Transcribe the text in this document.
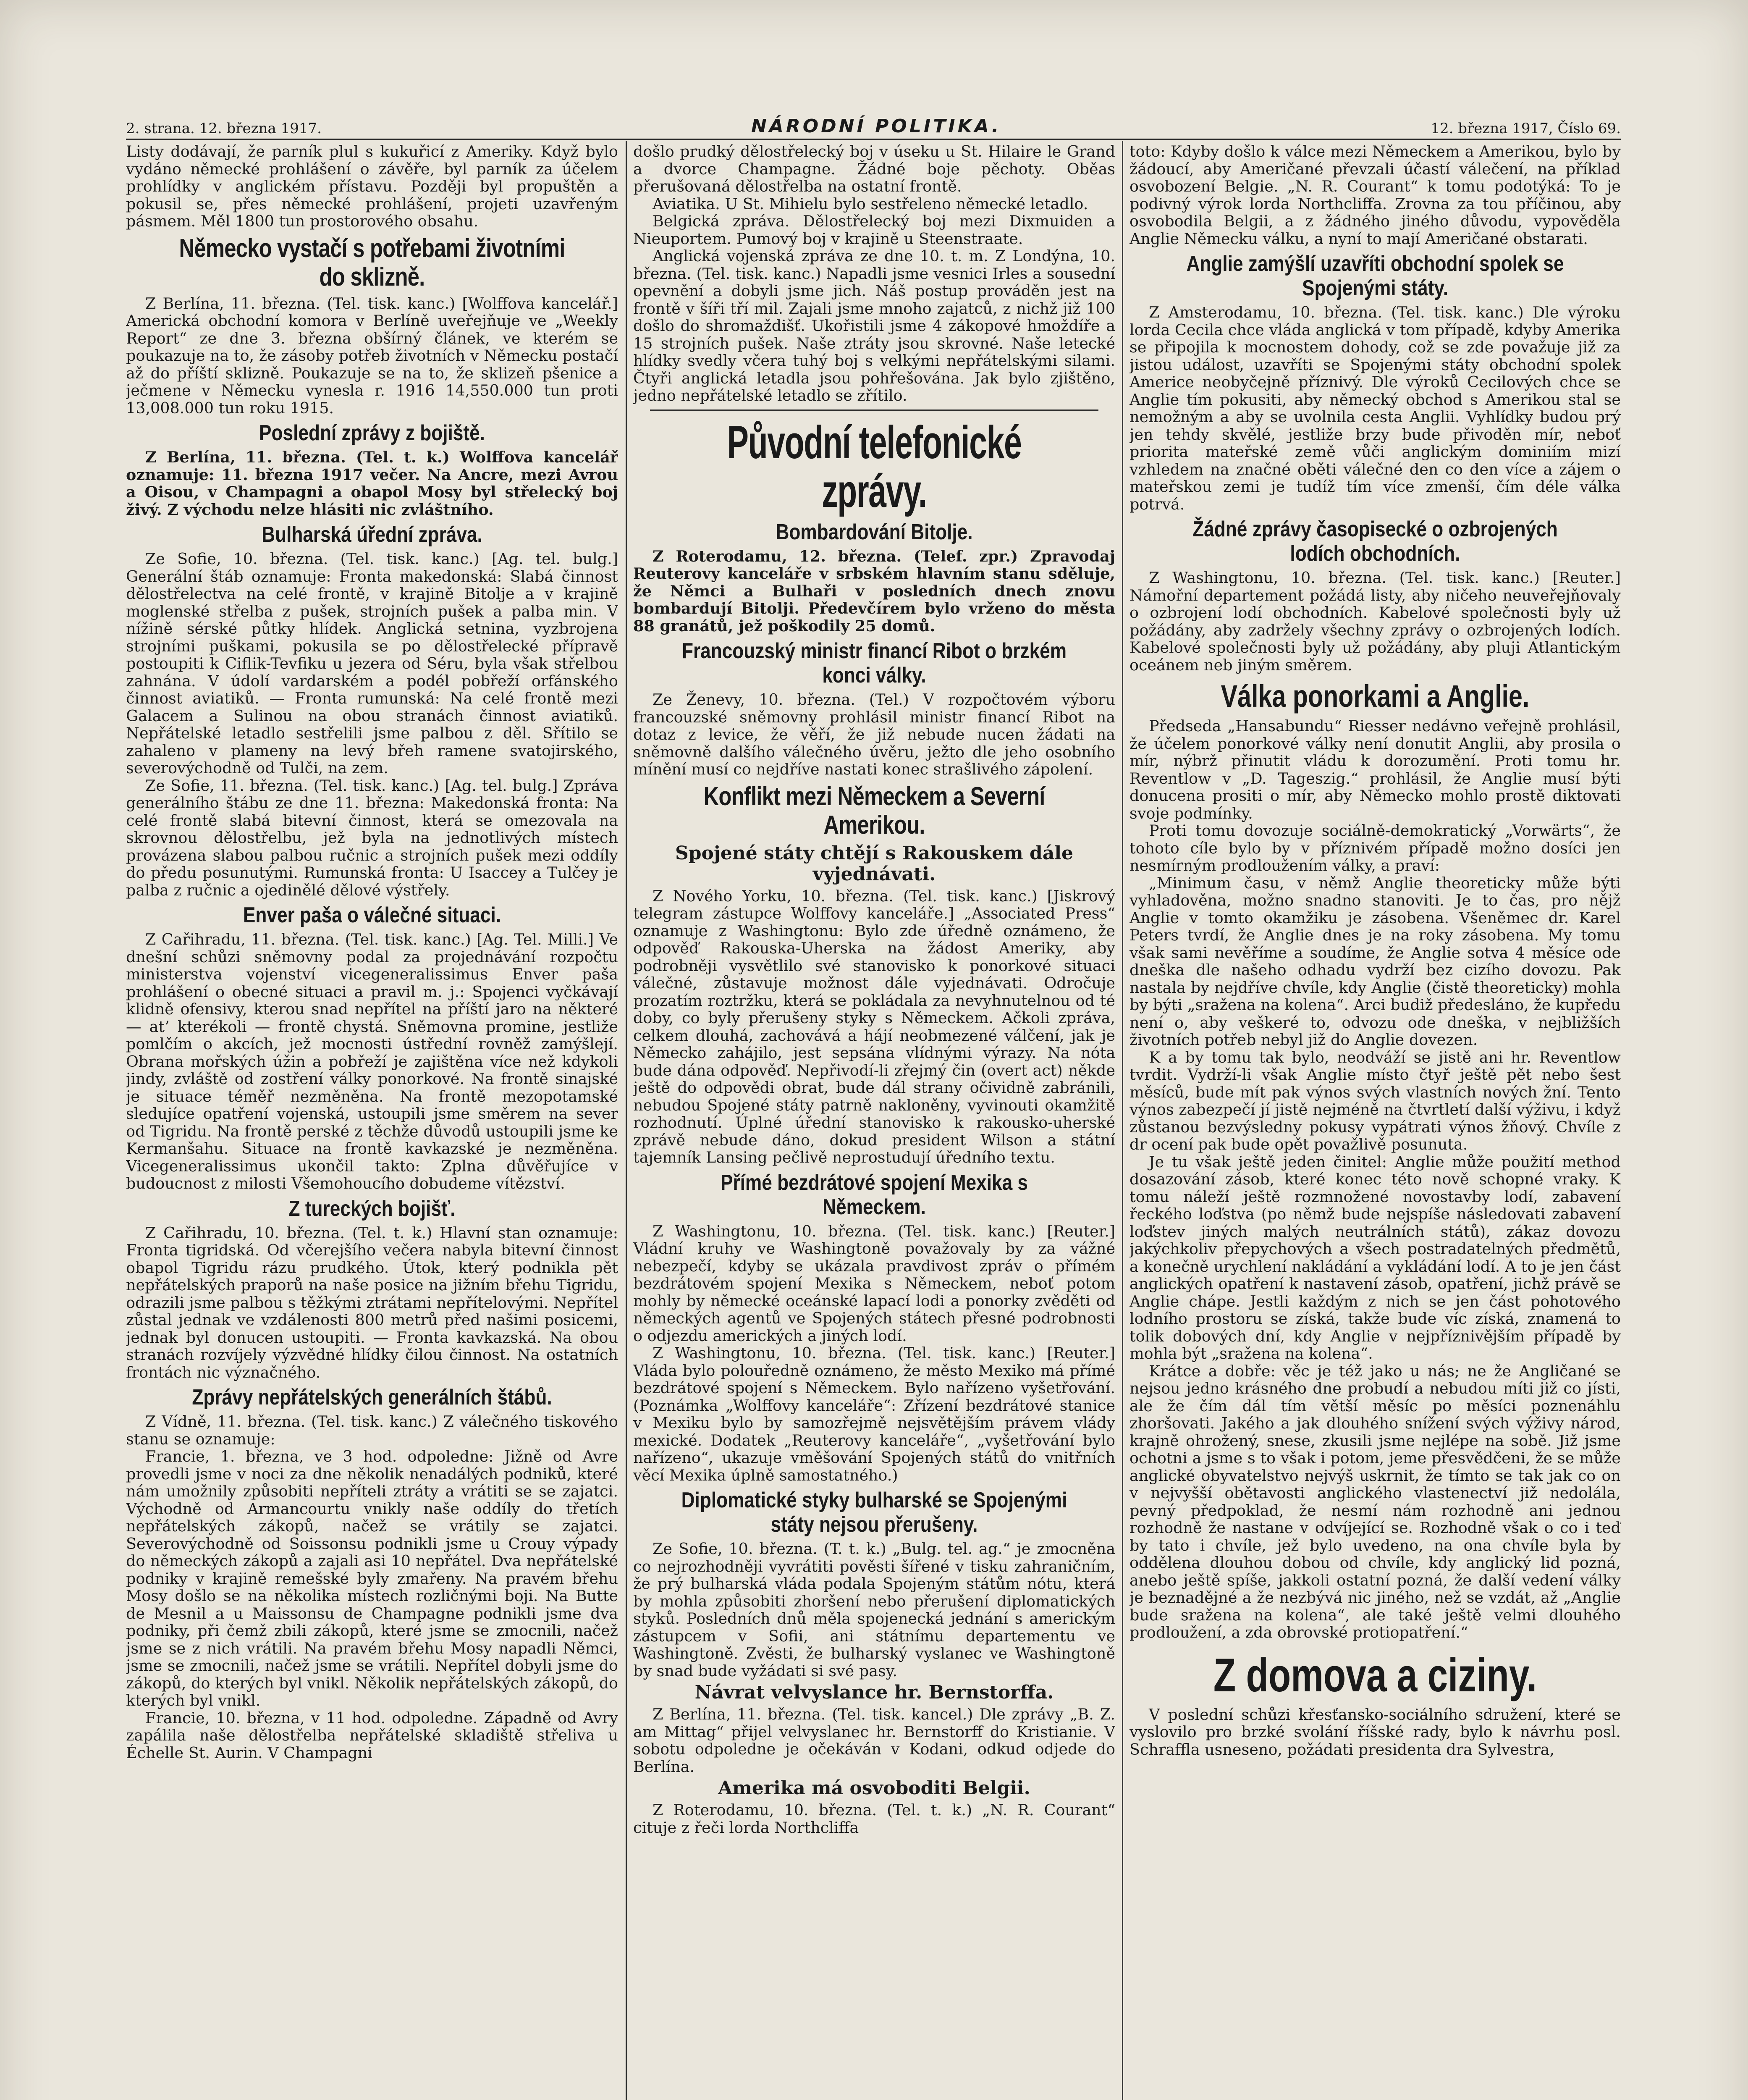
2. strana. 12. března 1917.	NÁRODNÍ POLITIKA.	12. března 1917, Číslo 69.

Listy dodávají, že parník plul s kukuřicí z Ameriky. Když bylo vydáno německé prohlášení o závěře, byl parník za účelem prohlídky v anglickém přístavu. Později byl propuštěn a pokusil se, přes německé prohlášení, projeti uzavřeným pásmem. Měl 1800 tun prostorového obsahu.

Německo vystačí s potřebami životními do sklizně.

Z Berlína, 11. března. (Tel. tisk. kanc.) [Wolffova kancelář.] Americká obchodní komora v Berlíně uveřejňuje ve „Weekly Report“ ze dne 3. března obšírný článek, ve kterém se poukazuje na to, že zásoby potřeb životních v Německu postačí až do příští sklizně. Poukazuje se na to, že sklizeň pšenice a ječmene v Německu vynesla r. 1916 14,550.000 tun proti 13,008.000 tun roku 1915.

Poslední zprávy z bojiště.

Z Berlína, 11. března. (Tel. t. k.) Wolffova kancelář oznamuje: 11. března 1917 večer. Na Ancre, mezi Avrou a Oisou, v Champagni a obapol Mosy byl střelecký boj živý. Z východu nelze hlásiti nic zvláštního.

Bulharská úřední zpráva.

Ze Sofie, 10. března. (Tel. tisk. kanc.) [Ag. tel. bulg.] Generální štáb oznamuje: Fronta makedonská: Slabá činnost dělostřelectva na celé frontě, v krajině Bitolje a v krajině moglenské střelba z pušek, strojních pušek a palba min. V nížině sérské půtky hlídek. Anglická setnina, vyzbrojena strojními puškami, pokusila se po dělostřelecké přípravě postoupiti k Ciflik-Tevfiku u jezera od Séru, byla však střelbou zahnána. V údolí vardarském a podél pobřeží orfánského činnost aviatiků. — Fronta rumunská: Na celé frontě mezi Galacem a Sulinou na obou stranách činnost aviatiků. Nepřátelské letadlo sestřelili jsme palbou z děl. Sřítilo se zahaleno v plameny na levý břeh ramene svatojirského, severovýchodně od Tulči, na zem.

Ze Sofie, 11. března. (Tel. tisk. kanc.) [Ag. tel. bulg.] Zpráva generálního štábu ze dne 11. března: Makedonská fronta: Na celé frontě slabá bitevní činnost, která se omezovala na skrovnou dělostřelbu, jež byla na jednotlivých místech provázena slabou palbou ručnic a strojních pušek mezi oddíly do předu posunutými. Rumunská fronta: U Isaccey a Tulčey je palba z ručnic a ojedinělé dělové výstřely.

Enver paša o válečné situaci.

Z Cařihradu, 11. března. (Tel. tisk. kanc.) [Ag. Tel. Milli.] Ve dnešní schůzi sněmovny podal za projednávání rozpočtu ministerstva vojenství vicegeneralissimus Enver paša prohlášení o obecné situaci a pravil m. j.: Spojenci vyčkávají klidně ofensivy, kterou snad nepřítel na příští jaro na některé — at’ kterékoli — frontě chystá. Sněmovna promine, jestliže pomlčím o akcích, jež mocnosti ústřední rovněž zamýšlejí. Obrana mořských úžin a pobřeží je zajištěna více než kdykoli jindy, zvláště od zostření války ponorkové. Na frontě sinajské je situace téměř nezměněna. Na frontě mezopotamské sledujíce opatření vojenská, ustoupili jsme směrem na sever od Tigridu. Na frontě perské z těchže důvodů ustoupili jsme ke Kermanšahu. Situace na frontě kavkazské je nezměněna. Vicegeneralissimus ukončil takto: Zplna důvěřujíce v budoucnost z milosti Všemohoucího dobudeme vítězství.

Z tureckých bojišť.

Z Cařihradu, 10. března. (Tel. t. k.) Hlavní stan oznamuje: Fronta tigridská. Od včerejšího večera nabyla bitevní činnost obapol Tigridu rázu prudkého. Útok, který podnikla pět nepřátelských praporů na naše posice na jižním břehu Tigridu, odrazili jsme palbou s těžkými ztrátami nepřítelovými. Nepřítel zůstal jednak ve vzdálenosti 800 metrů před našimi posicemi, jednak byl donucen ustoupiti. — Fronta kavkazská. Na obou stranách rozvíjely výzvědné hlídky čilou činnost. Na ostatních frontách nic význačného.

Zprávy nepřátelských generálních štábů.

Z Vídně, 11. března. (Tel. tisk. kanc.) Z válečného tiskového stanu se oznamuje:

Francie, 1. března, ve 3 hod. odpoledne: Jižně od Avre provedli jsme v noci za dne několik nenadálých podniků, které nám umožnily způsobiti nepříteli ztráty a vrátiti se se zajatci. Východně od Armancourtu vnikly naše oddíly do třetích nepřátelských zákopů, načež se vrátily se zajatci. Severovýchodně od Soissonsu podnikli jsme u Crouy výpady do německých zákopů a zajali asi 10 nepřátel. Dva nepřátelské podniky v krajině remešské byly zmařeny. Na pravém břehu Mosy došlo se na několika místech rozličnými boji. Na Butte de Mesnil a u Maissonsu de Champagne podnikli jsme dva podniky, při čemž zbili zákopů, které jsme se zmocnili, načež jsme se z nich vrátili. Na pravém břehu Mosy napadli Němci, jsme se zmocnili, načež jsme se vrátili. Nepřítel dobyli jsme do zákopů, do kterých byl vnikl. Několik nepřátelských zákopů, do kterých byl vnikl.

Francie, 10. března, v 11 hod. odpoledne. Západně od Avry zapálila naše dělostřelba nepřátelské skladiště střeliva u Échelle St. Aurin. V Champagni

došlo prudký dělostřelecký boj v úseku u St. Hilaire le Grand a dvorce Champagne. Žádné boje pěchoty. Oběas přerušovaná dělostřelba na ostatní frontě.

Aviatika. U St. Mihielu bylo sestřeleno německé letadlo.

Belgická zpráva. Dělostřelecký boj mezi Dixmuiden a Nieuportem. Pumový boj v krajině u Steenstraate.

Anglická vojenská zpráva ze dne 10. t. m. Z Londýna, 10. března. (Tel. tisk. kanc.) Napadli jsme vesnici Irles a sousední opevnění a dobyli jsme jich. Náš postup prováděn jest na frontě v šíři tří mil. Zajali jsme mnoho zajatců, z nichž již 100 došlo do shromaždišť. Ukořistili jsme 4 zákopové hmoždíře a 15 strojních pušek. Naše ztráty jsou skrovné. Naše letecké hlídky svedly včera tuhý boj s velkými nepřátelskými silami. Čtyři anglická letadla jsou pohřešována. Jak bylo zjištěno, jedno nepřátelské letadlo se zřítilo.

Původní telefonické zprávy.
Bombardování Bitolje.

Z Roterodamu, 12. března. (Telef. zpr.) Zpravodaj Reuterovy kanceláře v srbském hlavním stanu sděluje, že Němci a Bulhaři v posledních dnech znovu bombardují Bitolji. Předevčírem bylo vrženo do města 88 granátů, jež poškodily 25 domů.

Francouzský ministr financí Ribot o brzkém konci války.

Ze Ženevy, 10. března. (Tel.) V rozpočtovém výboru francouzské sněmovny prohlásil ministr financí Ribot na dotaz z levice, že věří, že již nebude nucen žádati na sněmovně dalšího válečného úvěru, ježto dle jeho osobního mínění musí co nejdříve nastati konec strašlivého zápolení.

Konflikt mezi Německem a Severní Amerikou.
Spojené státy chtějí s Rakouskem dále vyjednávati.

Z Nového Yorku, 10. března. (Tel. tisk. kanc.) [Jiskrový telegram zástupce Wolffovy kanceláře.] „Associated Press“ oznamuje z Washingtonu: Bylo zde úředně oznámeno, že odpověď Rakouska-Uherska na žádost Ameriky, aby podrobněji vysvětlilo své stanovisko k ponorkové situaci válečné, zůstavuje možnost dále vyjednávati. Odročuje prozatím roztržku, která se pokládala za nevyhnutelnou od té doby, co byly přerušeny styky s Německem. Ačkoli zpráva, celkem dlouhá, zachovává a hájí neobmezené válčení, jak je Německo zahájilo, jest sepsána vlídnými výrazy. Na nóta bude dána odpověď. Nepřivodí-li zřejmý čin (overt act) někde ještě do odpovědi obrat, bude dál strany očividně zabránili, nebudou Spojené státy patrně nakloněny, vyvinouti okamžitě rozhodnutí. Úplné úřední stanovisko k rakousko-uherské zprávě nebude dáno, dokud president Wilson a státní tajemník Lansing pečlivě neprostudují úředního textu.

Přímé bezdrátové spojení Mexika s Německem.

Z Washingtonu, 10. března. (Tel. tisk. kanc.) [Reuter.] Vládní kruhy ve Washingtoně považovaly by za vážné nebezpečí, kdyby se ukázala pravdivost zpráv o přímém bezdrátovém spojení Mexika s Německem, neboť potom mohly by německé oceánské lapací lodi a ponorky zvěděti od německých agentů ve Spojených státech přesné podrobnosti o odjezdu amerických a jiných lodí.

Z Washingtonu, 10. března. (Tel. tisk. kanc.) [Reuter.] Vláda bylo polouředně oznámeno, že město Mexiko má přímé bezdrátové spojení s Německem. Bylo nařízeno vyšetřování. (Poznámka „Wolffovy kanceláře“: Zřízení bezdrátové stanice v Mexiku bylo by samozřejmě nejsvětějším právem vlády mexické. Dodatek „Reuterovy kanceláře“, „vyšetřování bylo nařízeno“, ukazuje vměšování Spojených států do vnitřních věcí Mexika úplně samostatného.)

Diplomatické styky bulharské se Spojenými státy nejsou přerušeny.

Ze Sofie, 10. března. (T. t. k.) „Bulg. tel. ag.“ je zmocněna co nejrozhodněji vyvrátiti pověsti šířené v tisku zahraničním, že prý bulharská vláda podala Spojeným státům nótu, která by mohla způsobiti zhoršení nebo přerušení diplomatických styků. Posledních dnů měla spojenecká jednání s americkým zástupcem v Sofii, ani státnímu departementu ve Washingtoně. Zvěsti, že bulharský vyslanec ve Washingtoně by snad bude vyžádati si své pasy.

Návrat velvyslance hr. Bernstorffa.

Z Berlína, 11. března. (Tel. tisk. kancel.) Dle zprávy „B. Z. am Mittag“ přijel velvyslanec hr. Bernstorff do Kristianie. V sobotu odpoledne je očekáván v Kodani, odkud odjede do Berlína.

Amerika má osvoboditi Belgii.

Z Roterodamu, 10. března. (Tel. t. k.) „N. R. Courant“ cituje z řeči lorda Northcliffa

toto: Kdyby došlo k válce mezi Německem a Amerikou, bylo by žádoucí, aby Američané převzali účastí válečení, na příklad osvobození Belgie. „N. R. Courant“ k tomu podotýká: To je podivný výrok lorda Northcliffa. Zrovna za tou příčinou, aby osvobodila Belgii, a z žádného jiného důvodu, vypověděla Anglie Německu válku, a nyní to mají Američané obstarati.

Anglie zamýšlí uzavříti obchodní spolek se Spojenými státy.

Z Amsterodamu, 10. března. (Tel. tisk. kanc.) Dle výroku lorda Cecila chce vláda anglická v tom případě, kdyby Amerika se připojila k mocnostem dohody, což se zde považuje již za jistou událost, uzavříti se Spojenými státy obchodní spolek Americe neobyčejně příznivý. Dle výroků Cecilových chce se Anglie tím pokusiti, aby německý obchod s Amerikou stal se nemožným a aby se uvolnila cesta Anglii. Vyhlídky budou prý jen tehdy skvělé, jestliže brzy bude přivoděn mír, neboť priorita mateřské země vůči anglickým dominiím mizí vzhledem na značné oběti válečné den co den více a zájem o mateřskou zemi je tudíž tím více zmenší, čím déle válka potrvá.

Žádné zprávy časopisecké o ozbrojených lodích obchodních.

Z Washingtonu, 10. března. (Tel. tisk. kanc.) [Reuter.] Námořní departement požádá listy, aby ničeho neuveřejňovaly o ozbrojení lodí obchodních. Kabelové společnosti byly už požádány, aby zadržely všechny zprávy o ozbrojených lodích. Kabelové společnosti byly už požádány, aby pluji Atlantickým oceánem neb jiným směrem.

Válka ponorkami a Anglie.

Předseda „Hansabundu“ Riesser nedávno veřejně prohlásil, že účelem ponorkové války není donutit Anglii, aby prosila o mír, nýbrž přinutit vládu k dorozumění. Proti tomu hr. Reventlow v „D. Tageszig.“ prohlásil, že Anglie musí býti donucena prositi o mír, aby Německo mohlo prostě diktovati svoje podmínky.

Proti tomu dovozuje sociálně-demokratický „Vorwärts“, že tohoto cíle bylo by v příznivém případě možno dosíci jen nesmírným prodloužením války, a praví:

„Minimum času, v němž Anglie theoreticky může býti vyhladověna, možno snadno stanoviti. Je to čas, pro nějž Anglie v tomto okamžiku je zásobena. Všeněmec dr. Karel Peters tvrdí, že Anglie dnes je na roky zásobena. My tomu však sami nevěříme a soudíme, že Anglie sotva 4 měsíce ode dneška dle našeho odhadu vydrží bez cizího dovozu. Pak nastala by nejdříve chvíle, kdy Anglie (čistě theoreticky) mohla by býti „sražena na kolena“. Arci budiž předesláno, že kupředu není o, aby veškeré to, odvozu ode dneška, v nejbližších životních potřeb nebyl již do Anglie dovezen.

K a by tomu tak bylo, neodváží se jistě ani hr. Reventlow tvrdit. Vydrží-li však Anglie místo čtyř ještě pět nebo šest měsíců, bude mít pak výnos svých vlastních nových žní. Tento výnos zabezpečí jí jistě nejméně na čtvrtletí další výživu, i když zůstanou bezvýsledny pokusy vypátrati výnos žňový. Chvíle z dr ocení pak bude opět považlivě posunuta.

Je tu však ještě jeden činitel: Anglie může použití method dosazování zásob, které konec této nově schopné vraky. K tomu náleží ještě rozmnožené novostavby lodí, zabavení řeckého loďstva (po němž bude nejspíše následovati zabavení loďstev jiných malých neutrálních států), zákaz dovozu jakýchkoliv přepychových a všech postradatelných předmětů, a konečně urychlení nakládání a vykládání lodí. A to je jen část anglických opatření k nastavení zásob, opatření, jichž právě se Anglie chápe. Jestli každým z nich se jen část pohotového lodního prostoru se získá, takže bude víc získá, znamená to tolik dobových dní, kdy Anglie v nejpříznivějším případě by mohla být „sražena na kolena“.

Krátce a dobře: věc je též jako u nás; ne že Angličané se nejsou jedno krásného dne probudí a nebudou míti již co jísti, ale že čím dál tím větší měsíc po měsíci poznenáhlu zhoršovati. Jakého a jak dlouhého snížení svých výživy národ, krajně ohrožený, snese, zkusili jsme nejlépe na sobě. Již jsme ochotni a jsme s to však i potom, jeme přesvědčeni, že se může anglické obyvatelstvo nejvýš uskrnit, že tímto se tak jak co on v nejvyšší obětavosti anglického vlastenectví již nedolála, pevný předpoklad, že nesmí nám rozhodně ani jednou rozhodně že nastane v odvíjející se. Rozhodně však o co i teď by tato i chvíle, jež bylo uvedeno, na ona chvíle byla by oddělena dlouhou dobou od chvíle, kdy anglický lid pozná, anebo ještě spíše, jakkoli ostatní pozná, že další vedení války je beznadějné a že nezbývá nic jiného, než se vzdát, až „Anglie bude sražena na kolena“, ale také ještě velmi dlouhého prodloužení, a zda obrovské protiopatření.“

Z domova a ciziny.

V poslední schůzi křesťansko-sociálního sdružení, které se vyslovilo pro brzké svolání říšské rady, bylo k návrhu posl. Schraffla usneseno, požádati presidenta dra Sylvestra,
